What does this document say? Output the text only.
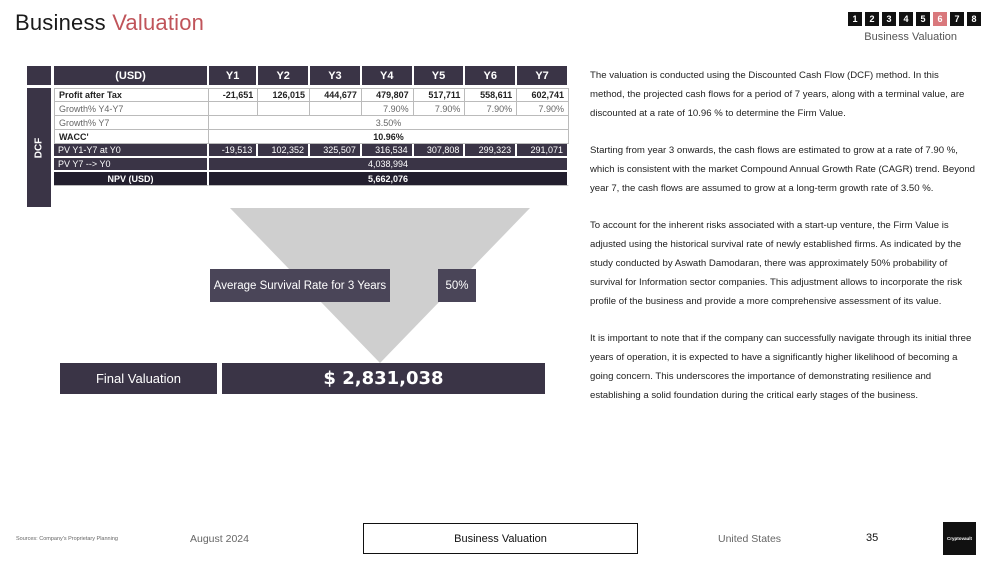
Business Valuation	1	2	3	4	5	6	7	8
Business Valuation
DCF
(USD)	Y1	Y2	Y3	Y4	Y5	Y6	Y7

Profit after Tax	-21,651	126,015	444,677	479,807	517,711	558,611	602,741
Growth% Y4-Y7				7.90%	7.90%	7.90%	7.90%
Growth% Y7	3.50%						
WACC'	10.96%						
PV Y1-Y7 at Y0	-19,513	102,352	325,507	316,534	307,808	299,323	291,071
PV Y7 --> Y0	4,038,994						
NPV (USD)	5,662,076						
Average Survival Rate for 3 Years	50%
Final Valuation	$ 2,831,038

The valuation is conducted using the Discounted Cash Flow (DCF) method. In this method, the projected cash flows for a period of 7 years, along with a terminal value, are discounted at a rate of 10.96 % to determine the Firm Value.

Starting from year 3 onwards, the cash flows are estimated to grow at a rate of 7.90 %, which is consistent with the market Compound Annual Growth Rate (CAGR) trend. Beyond year 7, the cash flows are assumed to grow at a long-term growth rate of 3.50 %.

To account for the inherent risks associated with a start-up venture, the Firm Value is adjusted using the historical survival rate of newly established firms. As indicated by the study conducted by Aswath Damodaran, there was approximately 50% probability of survival for Information sector companies. This adjustment allows to incorporate the risk profile of the business and provide a more comprehensive assessment of its value.

It is important to note that if the company can successfully navigate through its initial three years of operation, it is expected to have a significantly higher likelihood of becoming a going concern. This underscores the importance of demonstrating resilience and establishing a solid foundation during the critical early stages of the business.

Sources: Company's Proprietary Planning	August 2024	Business Valuation	United States	35	Cryptovault
